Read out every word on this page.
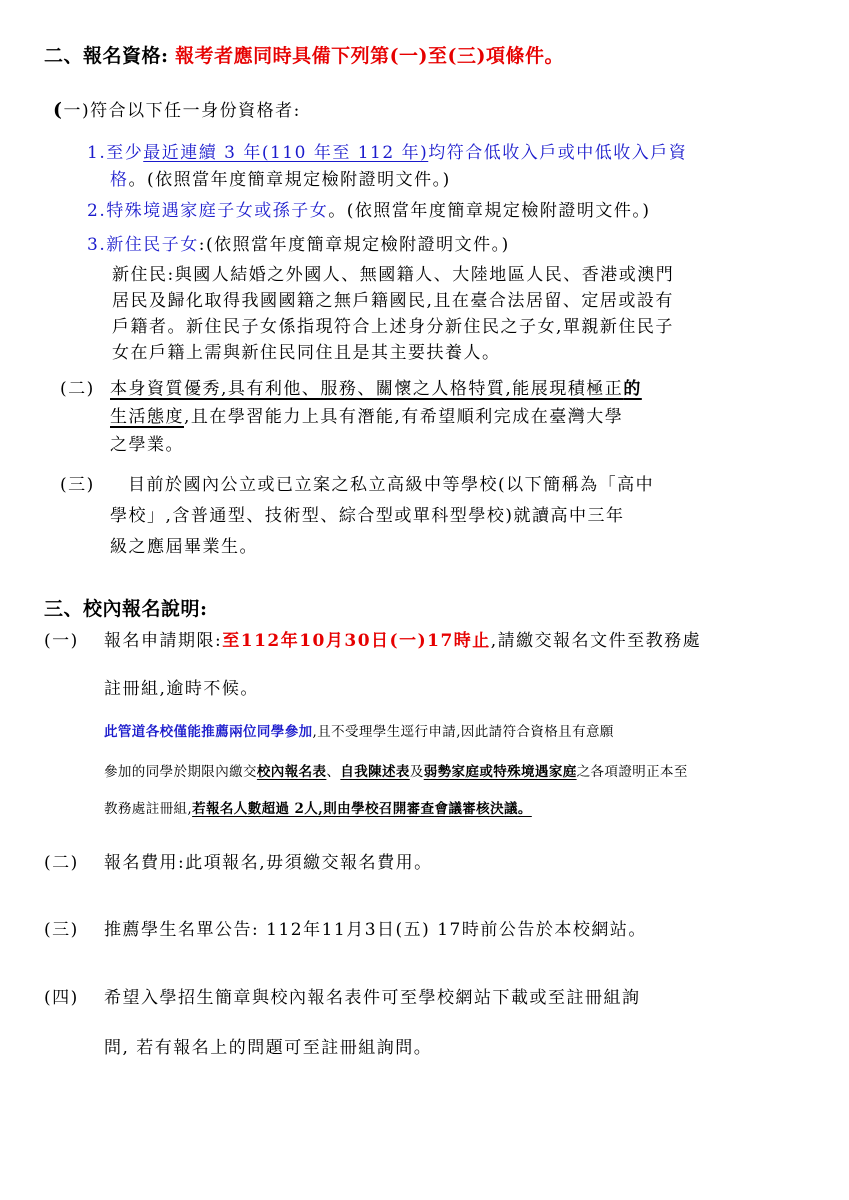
二、報名資格: 報考者應同時具備下列第(一)至(三)項條件。
(一)符合以下任一身份資格者:
1.至少最近連續 3 年(110 年至 112 年)均符合低收入戶或中低收入戶資
格。(依照當年度簡章規定檢附證明文件。)
2.特殊境遇家庭子女或孫子女。(依照當年度簡章規定檢附證明文件。)
3.新住民子女:(依照當年度簡章規定檢附證明文件。)
新住民:與國人結婚之外國人、無國籍人、大陸地區人民、香港或澳門
居民及歸化取得我國國籍之無戶籍國民,且在臺合法居留、定居或設有
戶籍者。新住民子女係指現符合上述身分新住民之子女,單親新住民子
女在戶籍上需與新住民同住且是其主要扶養人。
(二) 本身資質優秀,具有利他、服務、關懷之人格特質,能展現積極正的
生活態度,且在學習能力上具有潛能,有希望順利完成在臺灣大學
之學業。
(三) 目前於國內公立或已立案之私立高級中等學校(以下簡稱為「高中
學校」,含普通型、技術型、綜合型或單科型學校)就讀高中三年
級之應屆畢業生。
三、校內報名說明:
(一) 報名申請期限:至112年10月30日(一)17時止,請繳交報名文件至教務處
註冊組,逾時不候。
此管道各校僅能推薦兩位同學參加,且不受理學生逕行申請,因此請符合資格且有意願
參加的同學於期限內繳交校內報名表、自我陳述表及弱勢家庭或特殊境遇家庭之各項證明正本至
教務處註冊組,若報名人數超過 2人,則由學校召開審查會議審核決議。
(二) 報名費用:此項報名,毋須繳交報名費用。
(三) 推薦學生名單公告: 112年11月3日(五) 17時前公告於本校網站。
(四) 希望入學招生簡章與校內報名表件可至學校網站下載或至註冊組詢
問, 若有報名上的問題可至註冊組詢問。
